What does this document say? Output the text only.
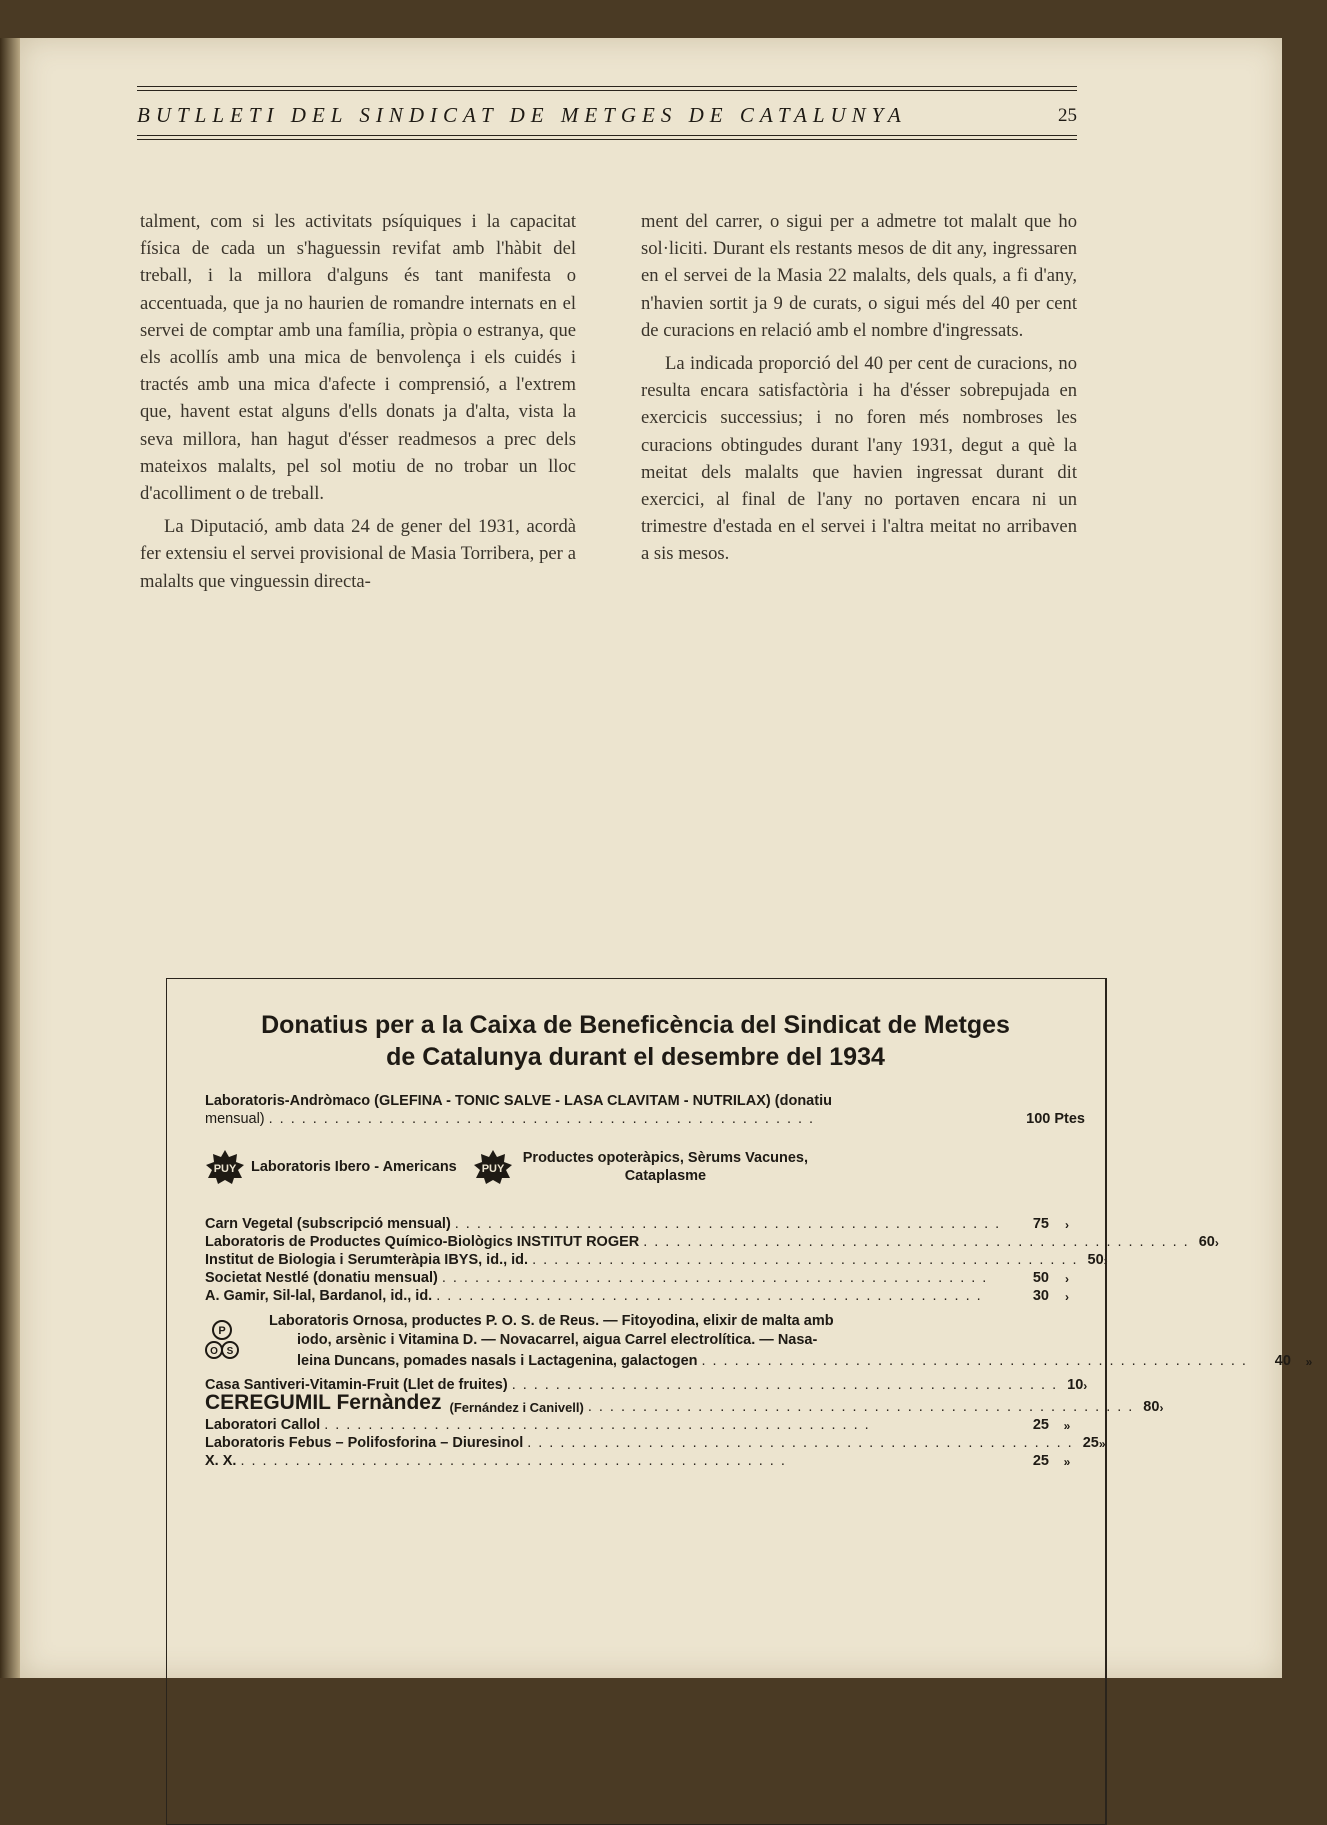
BUTLLETI DEL SINDICAT DE METGES DE CATALUNYA	25

talment, com si les activitats psíquiques i la capacitat física de cada un s'haguessin revifat amb l'hàbit del treball, i la millora d'alguns és tant manifesta o accentuada, que ja no haurien de romandre internats en el servei de comptar amb una família, pròpia o estranya, que els acollís amb una mica de benvolença i els cuidés i tractés amb una mica d'afecte i comprensió, a l'extrem que, havent estat alguns d'ells donats ja d'alta, vista la seva millora, han hagut d'ésser readmesos a prec dels mateixos malalts, pel sol motiu de no trobar un lloc d'acolliment o de treball.

La Diputació, amb data 24 de gener del 1931, acordà fer extensiu el servei provisional de Masia Torribera, per a malalts que vinguessin directa-

ment del carrer, o sigui per a admetre tot malalt que ho sol·liciti. Durant els restants mesos de dit any, ingressaren en el servei de la Masia 22 malalts, dels quals, a fi d'any, n'havien sortit ja 9 de curats, o sigui més del 40 per cent de curacions en relació amb el nombre d'ingressats.

La indicada proporció del 40 per cent de curacions, no resulta encara satisfactòria i ha d'ésser sobrepujada en exercicis successius; i no foren més nombroses les curacions obtingudes durant l'any 1931, degut a què la meitat dels malalts que havien ingressat durant dit exercici, al final de l'any no portaven encara ni un trimestre d'estada en el servei i l'altra meitat no arribaven a sis mesos.

Donatius per a la Caixa de Beneficència del Sindicat de Metges
de Catalunya durant el desembre del 1934
Laboratoris-Andròmaco (GLEFINA - TONIC SALVE - LASA CLAVITAM - NUTRILAX) (donatiu
mensual) ..................................................	100 Ptes
PUY Laboratoris Ibero - Americans PUY
Productes opoteràpics, Sèrums Vacunes,
Cataplasme
Carn Vegetal (subscripció mensual) ..................................................	75	›
Laboratoris de Productes Químico-Biològics INSTITUT ROGER .................................................. 60 ›
Institut de Biologia i Serumteràpia IBYS, id., id. .................................................. 50 ›
Societat Nestlé (donatiu mensual) ..................................................	50	›
A. Gamir, Sil-lal, Bardanol, id., id. ..................................................	30	›
P
O S
Laboratoris Ornosa, productes P. O. S. de Reus. — Fitoyodina, elixir de malta amb
iodo, arsènic i Vitamina D. — Novacarrel, aigua Carrel electrolítica. — Nasa-
leina Duncans, pomades nasals i Lactagenina, galactogen ..................................................	40	»
Casa Santiveri-Vitamin-Fruit (Llet de fruites) .................................................. 10 ›
CEREGUMIL Fernàndez (Fernández i Canivell) .................................................. 80 ›
Laboratori Callol ..................................................	25	»
Laboratoris Febus – Polifosforina – Diuresinol .................................................. 25 »
X. X. ..................................................	25	»
